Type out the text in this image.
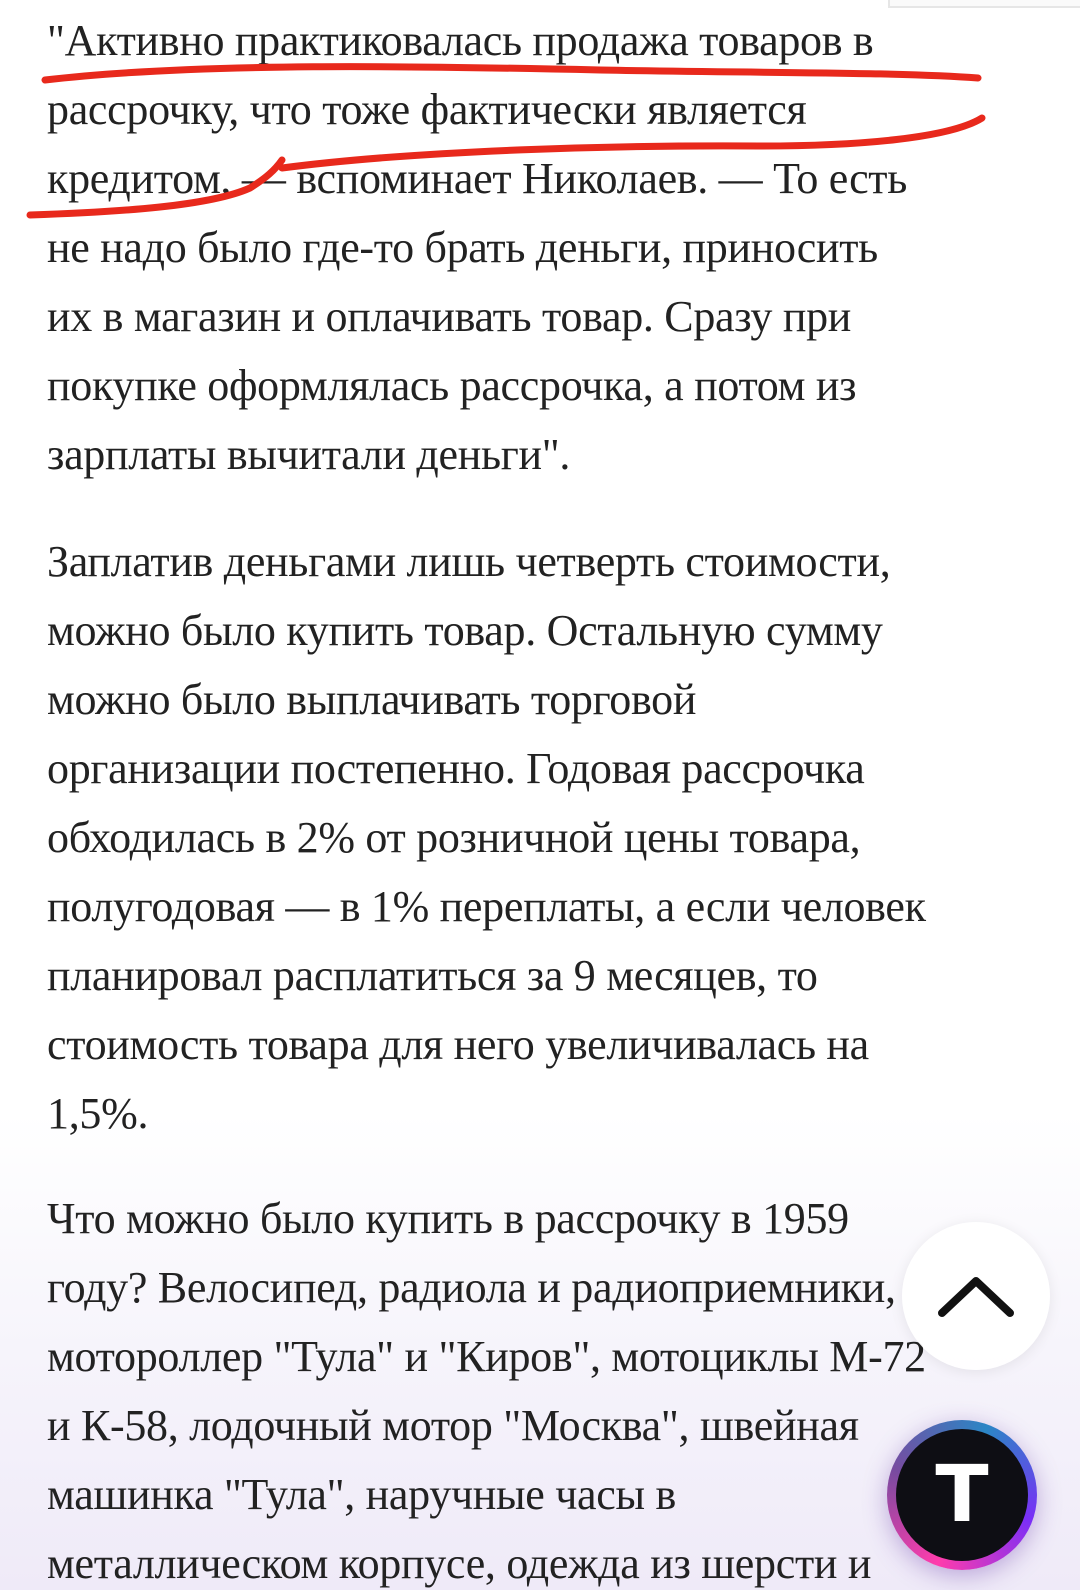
"Активно практиковалась продажа товаров в
рассрочку, что тоже фактически является
кредитом, — вспоминает Николаев. — То есть
не надо было где-то брать деньги, приносить
их в магазин и оплачивать товар. Сразу при
покупке оформлялась рассрочка, а потом из
зарплаты вычитали деньги".

Заплатив деньгами лишь четверть стоимости,
можно было купить товар. Остальную сумму
можно было выплачивать торговой
организации постепенно. Годовая рассрочка
обходилась в 2% от розничной цены товара,
полугодовая — в 1% переплаты, а если человек
планировал расплатиться за 9 месяцев, то
стоимость товара для него увеличивалась на
1,5%.

Что можно было купить в рассрочку в 1959
году? Велосипед, радиола и радиоприемники,
мотороллер "Тула" и "Киров", мотоциклы М-72
и К-58, лодочный мотор "Москва", швейная
машинка "Тула", наручные часы в
металлическом корпусе, одежда из шерсти и

Т
